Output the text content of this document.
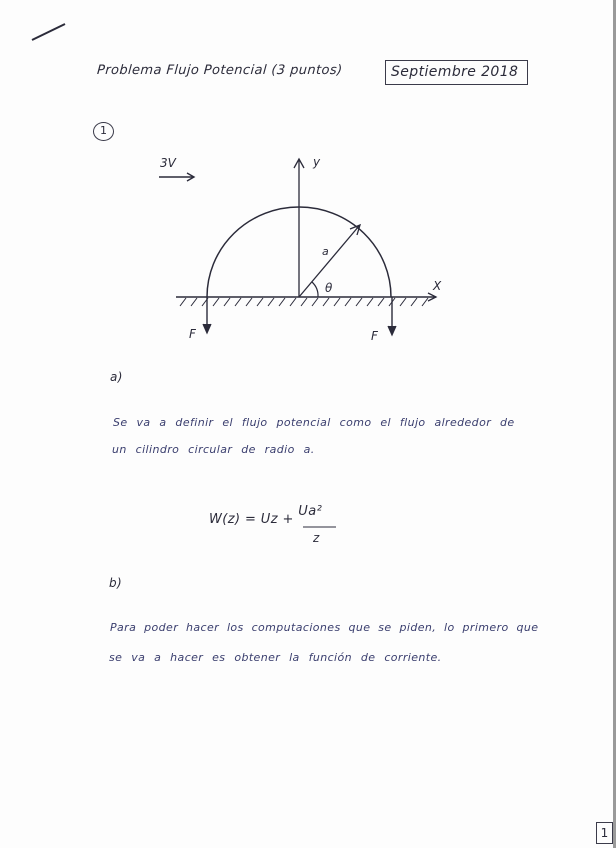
3V	y
X
a
θ
F	F
Problema Flujo Potencial (3 puntos)	Septiembre 2018
1
a)
Se va a definir el flujo potencial como el flujo alrededor de
un cilindro circular de radio a.
W(z) = Uz + Ua²
z
b)
Para poder hacer los computaciones que se piden, lo primero que
se va a hacer es obtener la función de corriente.
1
